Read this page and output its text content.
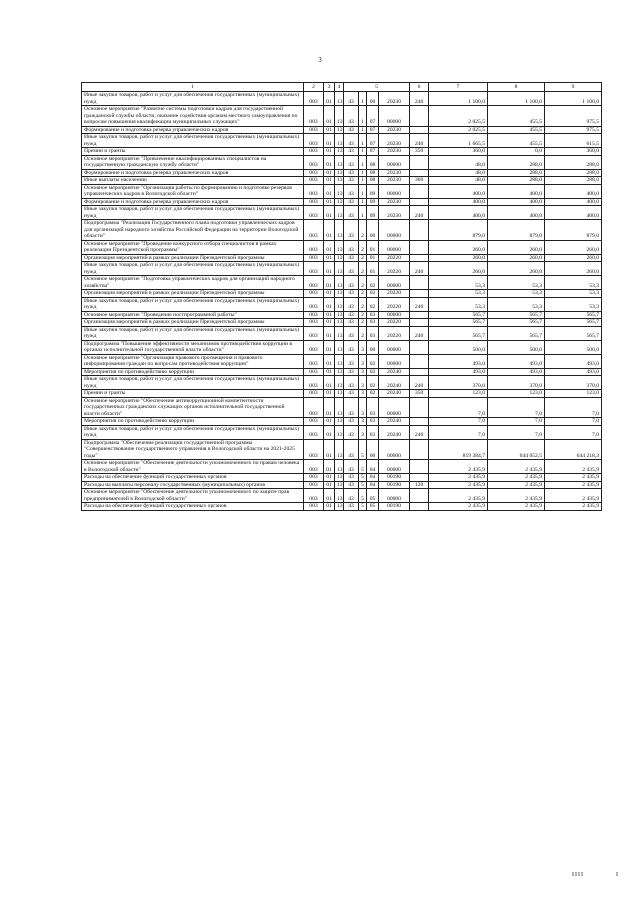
3
1	2	3	4	5				6	7	8	9
Иные закупки товаров, работ и услуг для обеспечения государственных (муниципальных) нужд	003	01	13	43	1	06	20230	240	1 100,0	1 100,0	1 100,0
Основное мероприятие "Развитие системы подготовки кадров для государственной гражданской службы области, оказание содействия органам местного самоуправления по вопросам повышения квалификации муниципальных служащих"	003	01	13	43	1	07	00000		2 025,5	455,5	975,5
Формирование и подготовка резерва управленческих кадров	003	01	13	43	1	07	20230		2 025,5	455,5	975,5
Иные закупки товаров, работ и услуг для обеспечения государственных (муниципальных) нужд	003	01	13	43	1	07	20230	240	1 665,5	455,5	615,5
Премии и гранты	003	01	13	43	1	07	20230	350	360,0	0,0	360,0
Основное мероприятие "Привлечение квалифицированных специалистов на государственную гражданскую службу области"	003	01	13	43	1	08	00000		48,0	288,0	288,0
Формирование и подготовка резерва управленческих кадров	003	01	13	43	1	08	20230		48,0	288,0	288,0
Иные выплаты населению	003	01	13	43	1	08	20230	360	48,0	288,0	288,0
Основное мероприятие "Организация работы по формированию и подготовке резервов управленческих кадров в Вологодской области"	003	01	13	43	1	09	00000		400,0	400,0	400,0
Формирование и подготовка резерва управленческих кадров	003	01	13	43	1	09	20230		400,0	400,0	400,0
Иные закупки товаров, работ и услуг для обеспечения государственных (муниципальных) нужд	003	01	13	43	1	09	20230	240	400,0	400,0	400,0
Подпрограмма "Реализация Государственного плана подготовки управленческих кадров для организаций народного хозяйства Российской Федерации на территории Вологодской области"	003	01	13	43	2	00	00000		879,0	879,0	879,0
Основное мероприятие "Проведение конкурсного отбора специалистов в рамках реализации Президентской программы"	003	01	13	43	2	01	00000		260,0	260,0	260,0
Организация мероприятий в рамках реализации Президентской программы	003	01	13	43	2	01	20220		260,0	260,0	260,0
Иные закупки товаров, работ и услуг для обеспечения государственных (муниципальных) нужд	003	01	13	43	2	01	20220	240	260,0	260,0	260,0
Основное мероприятие "Подготовка управленческих кадров для организаций народного хозяйства"	003	01	13	43	2	02	00000		53,3	53,3	53,3
Организация мероприятий в рамках реализации Президентской программы	003	01	13	43	2	02	20220		53,3	53,3	53,3
Иные закупки товаров, работ и услуг для обеспечения государственных (муниципальных) нужд	003	01	13	43	2	02	20220	240	53,3	53,3	53,3
Основное мероприятие "Проведение постпрограммной работы"	003	01	13	43	2	03	00000		565,7	565,7	565,7
Организация мероприятий в рамках реализации Президентской программы	003	01	13	43	2	03	20220		565,7	565,7	565,7
Иные закупки товаров, работ и услуг для обеспечения государственных (муниципальных) нужд	003	01	13	43	2	03	20220	240	565,7	565,7	565,7
Подпрограмма "Повышение эффективности механизмов противодействия коррупции в органах исполнительной государственной власти области"	003	01	13	43	3	00	00000		500,0	500,0	500,0
Основное мероприятие "Организация правового просвещения и правового информирования граждан по вопросам противодействия коррупции"	003	01	13	43	3	02	00000		493,0	493,0	493,0
Мероприятия по противодействию коррупции	003	01	13	43	3	02	20240		493,0	493,0	493,0
Иные закупки товаров, работ и услуг для обеспечения государственных (муниципальных) нужд	003	01	13	43	3	02	20240	240	370,0	370,0	370,0
Премии и гранты	003	01	13	43	3	02	20240	350	123,0	123,0	123,0
Основное мероприятие "Обеспечение антикоррупционной компетентности государственных гражданских служащих органов исполнительной государственной власти области"	003	01	13	43	3	03	00000		7,0	7,0	7,0
Мероприятия по противодействию коррупции	003	01	13	43	3	03	20240		7,0	7,0	7,0
Иные закупки товаров, работ и услуг для обеспечения государственных (муниципальных) нужд	003	01	13	43	3	03	20240	240	7,0	7,0	7,0
Подпрограмма "Обеспечение реализации государственной программы "Совершенствование государственного управления в Вологодской области на 2021-2025 годы"	003	01	13	43	5	00	00000		819 384,7	644 052,5	644 218,3
Основное мероприятие "Обеспечение деятельности уполномоченного по правам человека в Вологодской области"	003	01	13	43	5	04	00000		2 435,9	2 435,9	2 435,9
Расходы на обеспечение функций государственных органов	003	01	13	43	5	04	00190		2 435,9	2 435,9	2 435,9
Расходы на выплаты персоналу государственных (муниципальных) органов	003	01	13	43	5	04	00190	120	2 435,9	2 435,9	2 435,9
Основное мероприятие "Обеспечение деятельности уполномоченного по защите прав предпринимателей в Вологодской области"	003	01	13	43	5	05	00000		2 435,9	2 435,9	2 435,9
Расходы на обеспечение функций государственных органов	003	01	13	43	5	05	00190		2 435,9	2 435,9	2 435,9
ІІІІ	І
